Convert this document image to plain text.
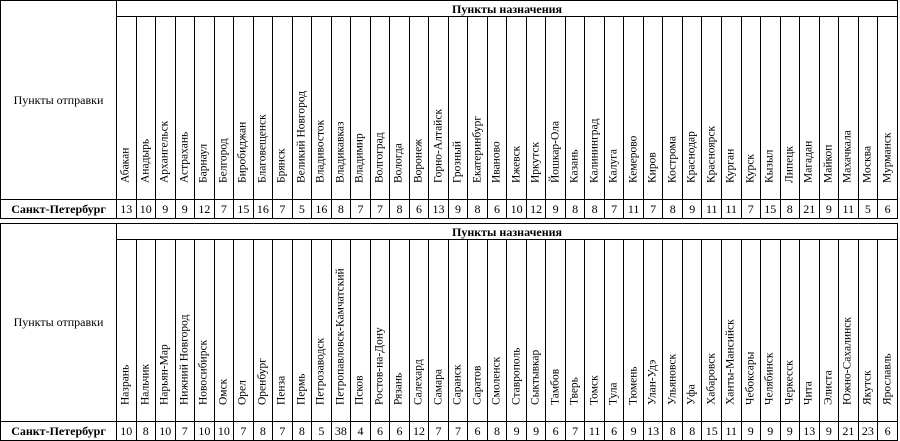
Пункты отправки	Пункты назначения																																							

	Абакан	Анадырь	Архангельск	Астрахань	Барнаул	Белгород	Биробиджан	Благовещенск	Брянск	Великий Новгород	Владивосток	Владикавказ	Владимир	Волгоград	Вологда	Воронеж	Горно-Алтайск	Грозный	Екатеринбург	Иваново	Ижевск	Иркутск	Йошкар-Ола	Казань	Калининград	Калуга	Кемерово	Киров	Кострома	Краснодар	Красноярск	Курган	Курск	Кызыл	Липецк	Магадан	Майкоп	Махачкала	Москва	Мурманск

Санкт-Петербург	13	10	9	9	12	7	15	16	7	5	16	8	7	7	8	6	13	9	8	6	10	12	9	8	8	7	11	7	8	9	11	11	7	15	8	21	9	11	5	6
Пункты отправки	Пункты назначения																																							

	Назрань	Нальчик	Нарьян-Мар	Нижний Новгород	Новосибирск	Омск	Орел	Оренбург	Пенза	Пермь	Петрозаводск	Петропавловск-Камчатский	Псков	Ростов-на-Дону	Рязань	Салехард	Самара	Саранск	Саратов	Смоленск	Ставрополь	Сыктывкар	Тамбов	Тверь	Томск	Тула	Тюмень	Улан-Удэ	Ульяновск	Уфа	Хабаровск	Ханты-Мансийск	Чебоксары	Челябинск	Черкесск	Чита	Элиста	Южно-Сахалинск	Якутск	Ярославль

Санкт-Петербург	10	8	10	7	10	10	7	8	7	8	5	38	4	6	6	12	7	7	6	8	9	9	6	7	11	6	9	13	8	8	15	11	9	9	9	13	9	21	23	6
